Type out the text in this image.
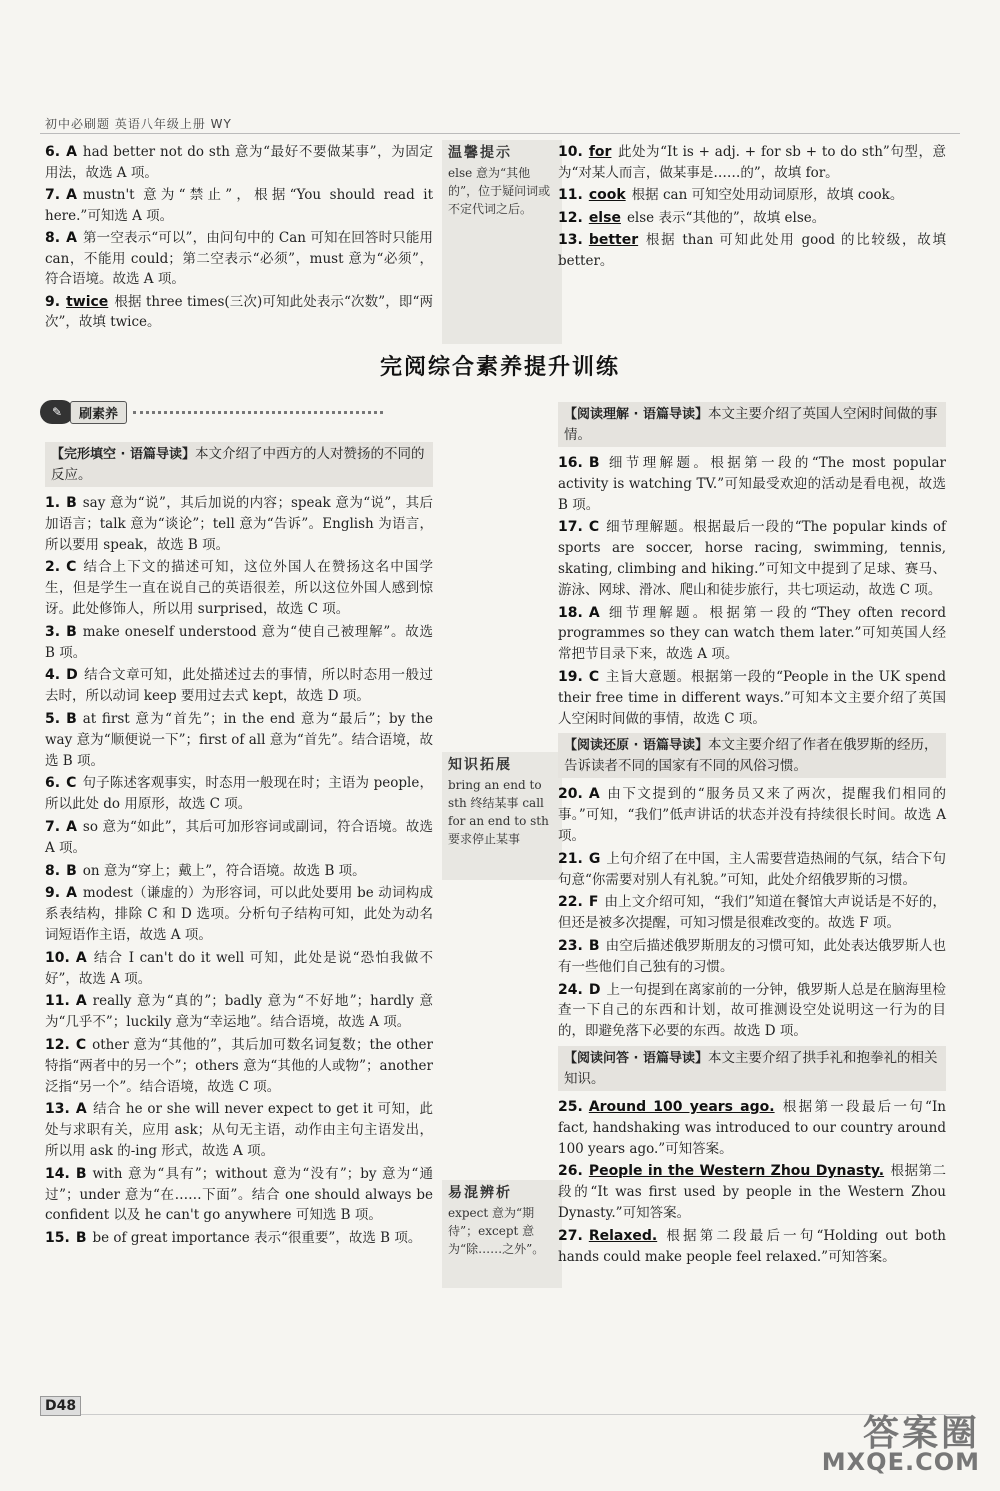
初中必刷题 英语八年级上册 WY
6. A had better not do sth 意为“最好不要做某事”，为固定用法，故选 A 项。
7. A mustn't 意为“禁止”，根据“You should read it here.”可知选 A 项。
8. A 第一空表示“可以”，由问句中的 Can 可知在回答时只能用 can，不能用 could；第二空表示“必须”，must 意为“必须”，符合语境。故选 A 项。
9. twice 根据 three times(三次)可知此处表示“次数”，即“两次”，故填 twice。
温馨提示
else 意为“其他的”，位于疑问词或不定代词之后。
10. for 此处为“It is + adj. + for sb + to do sth”句型，意为“对某人而言，做某事是……的”，故填 for。
11. cook 根据 can 可知空处用动词原形，故填 cook。
12. else else 表示“其他的”，故填 else。
13. better 根据 than 可知此处用 good 的比较级，故填 better。
完阅综合素养提升训练
✎	刷素养
【完形填空 · 语篇导读】本文介绍了中西方的人对赞扬的不同的反应。
1. B say 意为“说”，其后加说的内容；speak 意为“说”，其后加语言；talk 意为“谈论”；tell 意为“告诉”。English 为语言，所以要用 speak，故选 B 项。
2. C 结合上下文的描述可知，这位外国人在赞扬这名中国学生，但是学生一直在说自己的英语很差，所以这位外国人感到惊讶。此处修饰人，所以用 surprised，故选 C 项。
3. B make oneself understood 意为“使自己被理解”。故选 B 项。
4. D 结合文章可知，此处描述过去的事情，所以时态用一般过去时，所以动词 keep 要用过去式 kept，故选 D 项。
5. B at first 意为“首先”；in the end 意为“最后”；by the way 意为“顺便说一下”；first of all 意为“首先”。结合语境，故选 B 项。
6. C 句子陈述客观事实，时态用一般现在时；主语为 people，所以此处 do 用原形，故选 C 项。
7. A so 意为“如此”，其后可加形容词或副词，符合语境。故选 A 项。
8. B on 意为“穿上；戴上”，符合语境。故选 B 项。
9. A modest（谦虚的）为形容词，可以此处要用 be 动词构成系表结构，排除 C 和 D 选项。分析句子结构可知，此处为动名词短语作主语，故选 A 项。
10. A 结合 I can't do it well 可知，此处是说“恐怕我做不好”，故选 A 项。
11. A really 意为“真的”；badly 意为“不好地”；hardly 意为“几乎不”；luckily 意为“幸运地”。结合语境，故选 A 项。
12. C other 意为“其他的”，其后加可数名词复数；the other 特指“两者中的另一个”；others 意为“其他的人或物”；another 泛指“另一个”。结合语境，故选 C 项。
13. A 结合 he or she will never expect to get it 可知，此处与求职有关，应用 ask；从句无主语，动作由主句主语发出，所以用 ask 的-ing 形式，故选 A 项。
14. B with 意为“具有”；without 意为“没有”；by 意为“通过”；under 意为“在……下面”。结合 one should always be confident 以及 he can't go anywhere 可知选 B 项。
15. B be of great importance 表示“很重要”，故选 B 项。
知识拓展
bring an end to sth 终结某事 call for an end to sth 要求停止某事
易混辨析
expect 意为“期待”；except 意为“除……之外”。
【阅读理解 · 语篇导读】本文主要介绍了英国人空闲时间做的事情。
16. B 细节理解题。根据第一段的“The most popular activity is watching TV.”可知最受欢迎的活动是看电视，故选 B 项。
17. C 细节理解题。根据最后一段的“The popular kinds of sports are soccer, horse racing, swimming, tennis, skating, climbing and hiking.”可知文中提到了足球、赛马、游泳、网球、滑冰、爬山和徒步旅行，共七项运动，故选 C 项。
18. A 细节理解题。根据第一段的“They often record programmes so they can watch them later.”可知英国人经常把节目录下来，故选 A 项。
19. C 主旨大意题。根据第一段的“People in the UK spend their free time in different ways.”可知本文主要介绍了英国人空闲时间做的事情，故选 C 项。
【阅读还原 · 语篇导读】本文主要介绍了作者在俄罗斯的经历，告诉读者不同的国家有不同的风俗习惯。
20. A 由下文提到的“服务员又来了两次，提醒我们相同的事。”可知，“我们”低声讲话的状态并没有持续很长时间。故选 A 项。
21. G 上句介绍了在中国，主人需要营造热闹的气氛，结合下句句意“你需要对别人有礼貌。”可知，此处介绍俄罗斯的习惯。
22. F 由上文介绍可知，“我们”知道在餐馆大声说话是不好的，但还是被多次提醒，可知习惯是很难改变的。故选 F 项。
23. B 由空后描述俄罗斯朋友的习惯可知，此处表达俄罗斯人也有一些他们自己独有的习惯。
24. D 上一句提到在离家前的一分钟，俄罗斯人总是在脑海里检查一下自己的东西和计划，故可推测设空处说明这一行为的目的，即避免落下必要的东西。故选 D 项。
【阅读问答 · 语篇导读】本文主要介绍了拱手礼和抱拳礼的相关知识。
25. Around 100 years ago. 根据第一段最后一句“In fact, handshaking was introduced to our country around 100 years ago.”可知答案。
26. People in the Western Zhou Dynasty. 根据第二段的“It was first used by people in the Western Zhou Dynasty.”可知答案。
27. Relaxed. 根据第二段最后一句“Holding out both hands could make people feel relaxed.”可知答案。
D48
答案圈
MXQE.COM
